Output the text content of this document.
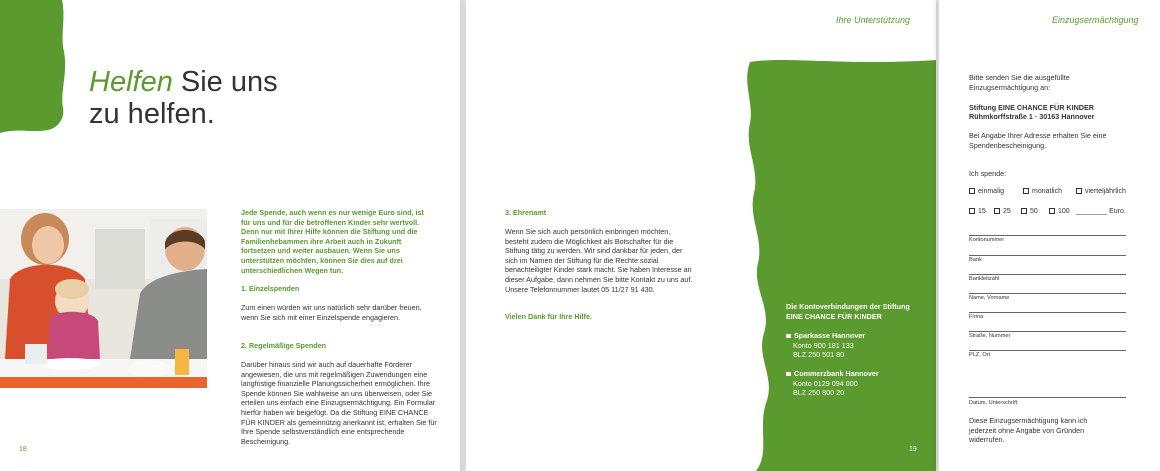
Helfen Sie uns
zu helfen.
Jede Spende, auch wenn es nur wenige Euro sind, ist für uns und für die betroffenen Kinder sehr wertvoll. Denn nur mit Ihrer Hilfe können die Stiftung und die Familienhebammen ihre Arbeit auch in Zukunft fortsetzen und weiter ausbauen. Wenn Sie uns unterstützen möchten, können Sie dies auf drei unterschiedlichen Wegen tun.
1. Einzelspenden
Zum einen würden wir uns natürlich sehr darüber freuen, wenn Sie sich mit einer Einzelspende engagieren.
2. Regelmäßige Spenden
Darüber hinaus sind wir auch auf dauerhafte Förderer angewiesen, die uns mit regelmäßigen Zuwendungen eine langfristige finanzielle Planungssicherheit ermöglichen. Ihre Spende können Sie wahlweise an uns überweisen, oder Sie erteilen uns einfach eine Einzugsermächtigung. Ein Formular hierfür haben wir beigefügt. Da die Stiftung EINE CHANCE FÜR KINDER als gemeinnützig anerkannt ist, erhalten Sie für Ihre Spende selbstverständlich eine entsprechende Bescheinigung.
18
Ihre Unterstützung
3. Ehrenamt
Wenn Sie sich auch persönlich einbringen möchten, besteht zudem die Möglichkeit als Botschafter für die Stiftung tätig zu werden. Wir sind dankbar für jeden, der sich im Namen der Stiftung für die Rechte sozial benachteiligter Kinder stark macht. Sie haben Interesse an dieser Aufgabe, dann nehmen Sie bitte Kontakt zu uns auf. Unsere Telefonnummer lautet 05 11/27 91 430.
Vielen Dank für Ihre Hilfe.
Die Kontoverbindungen der Stiftung
EINE CHANCE FÜR KINDER
Sparkasse Hannover
Konto 900 181 133
BLZ 250 501 80
Commerzbank Hannover
Konto 0129 094 000
BLZ 250 800 20
19
Einzugsermächtigung
Bitte senden Sie die ausgefüllte Einzugsermächtigung an:
Stiftung EINE CHANCE FÜR KINDER
Rühmkorffstraße 1 · 30163 Hannover
Bei Angabe Ihrer Adresse erhalten Sie eine Spendenbescheinigung.
Ich spende:
einmalig	monatlich	vierteljährlich
15	25	50	100 ________ Euro.
Kontonummer
Bank
Bankleitzahl
Name, Vorname
Firma
Straße, Nummer
PLZ, Ort
Datum, Unterschrift
Diese Einzugsermächtigung kann ich jederzeit ohne Angabe von Gründen widerrufen.
